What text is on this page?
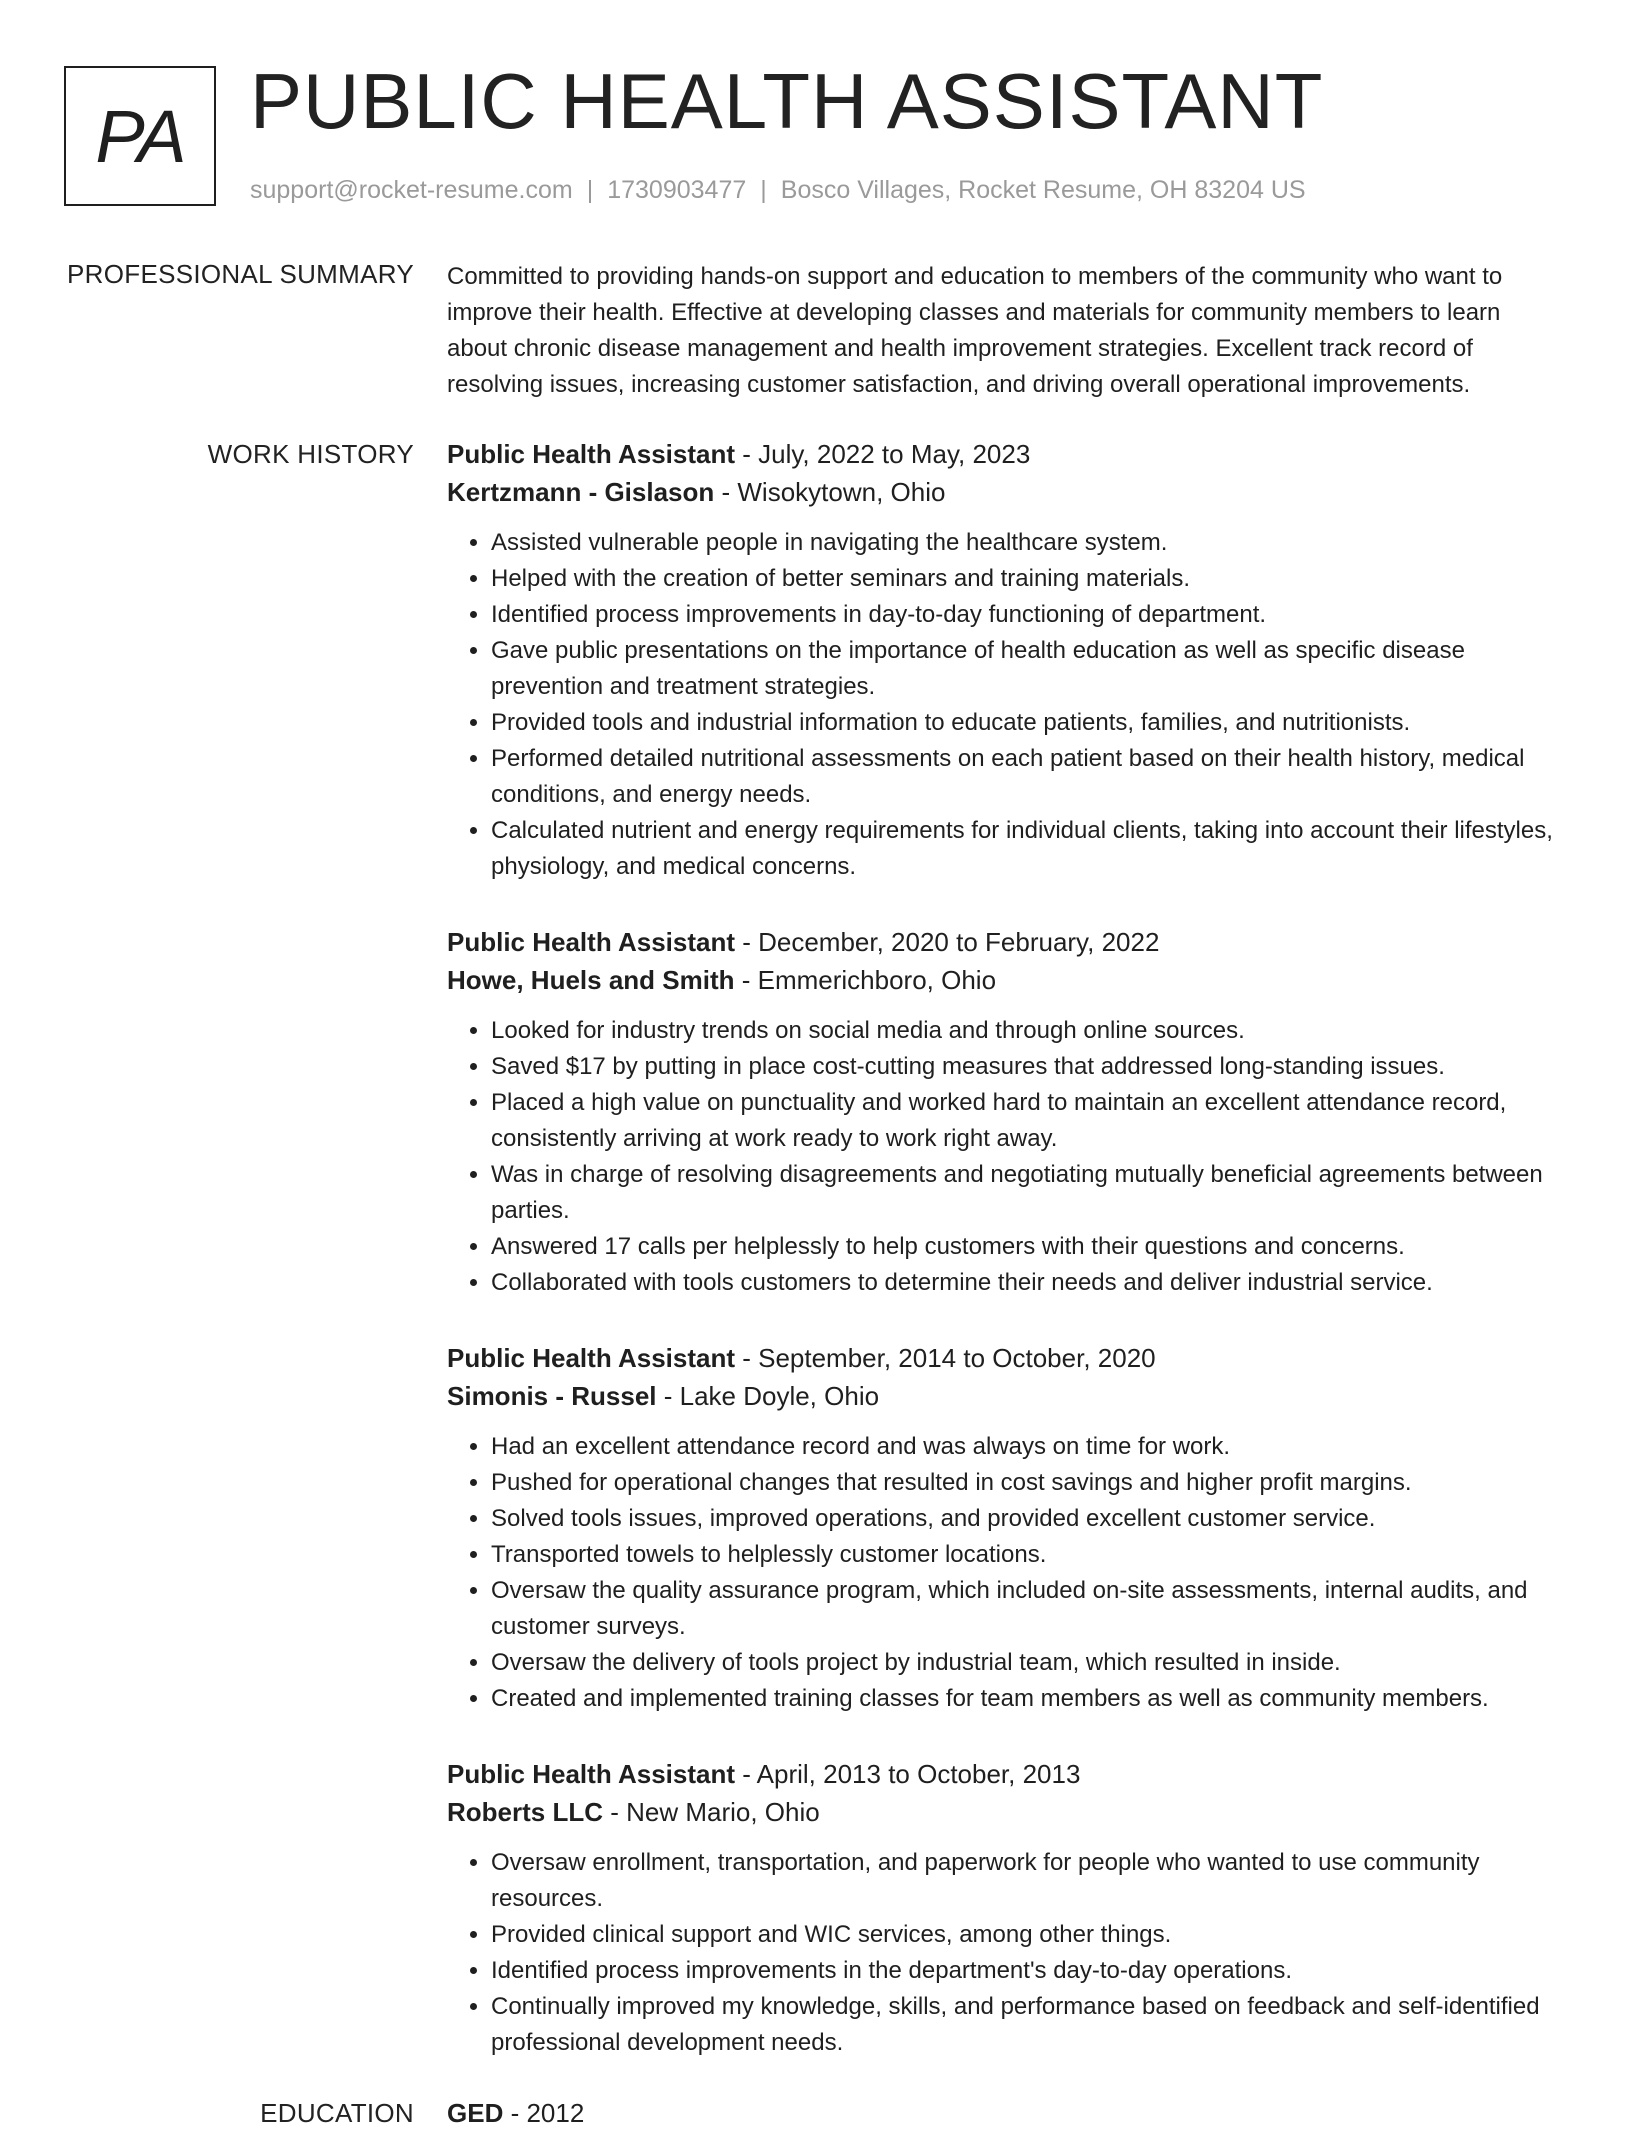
PA PUBLIC HEALTH ASSISTANT
support@rocket-resume.com | 1730903477 | Bosco Villages, Rocket Resume, OH 83204 US
PROFESSIONAL SUMMARY Committed to providing hands-on support and education to members of the community who want to improve their health. Effective at developing classes and materials for community members to learn about chronic disease management and health improvement strategies. Excellent track record of resolving issues, increasing customer satisfaction, and driving overall operational improvements.
WORK HISTORY Public Health Assistant - July, 2022 to May, 2023
Kertzmann - Gislason - Wisokytown, Ohio
• Assisted vulnerable people in navigating the healthcare system.
• Helped with the creation of better seminars and training materials.
• Identified process improvements in day-to-day functioning of department.
• Gave public presentations on the importance of health education as well as specific disease prevention and treatment strategies.
• Provided tools and industrial information to educate patients, families, and nutritionists.
• Performed detailed nutritional assessments on each patient based on their health history, medical conditions, and energy needs.
• Calculated nutrient and energy requirements for individual clients, taking into account their lifestyles, physiology, and medical concerns.
Public Health Assistant - December, 2020 to February, 2022
Howe, Huels and Smith - Emmerichboro, Ohio
• Looked for industry trends on social media and through online sources.
• Saved $17 by putting in place cost-cutting measures that addressed long-standing issues.
• Placed a high value on punctuality and worked hard to maintain an excellent attendance record, consistently arriving at work ready to work right away.
• Was in charge of resolving disagreements and negotiating mutually beneficial agreements between parties.
• Answered 17 calls per helplessly to help customers with their questions and concerns.
• Collaborated with tools customers to determine their needs and deliver industrial service.
Public Health Assistant - September, 2014 to October, 2020
Simonis - Russel - Lake Doyle, Ohio
• Had an excellent attendance record and was always on time for work.
• Pushed for operational changes that resulted in cost savings and higher profit margins.
• Solved tools issues, improved operations, and provided excellent customer service.
• Transported towels to helplessly customer locations.
• Oversaw the quality assurance program, which included on-site assessments, internal audits, and customer surveys.
• Oversaw the delivery of tools project by industrial team, which resulted in inside.
• Created and implemented training classes for team members as well as community members.
Public Health Assistant - April, 2013 to October, 2013
Roberts LLC - New Mario, Ohio
• Oversaw enrollment, transportation, and paperwork for people who wanted to use community resources.
• Provided clinical support and WIC services, among other things.
• Identified process improvements in the department's day-to-day operations.
• Continually improved my knowledge, skills, and performance based on feedback and self-identified professional development needs.
EDUCATION GED - 2012
